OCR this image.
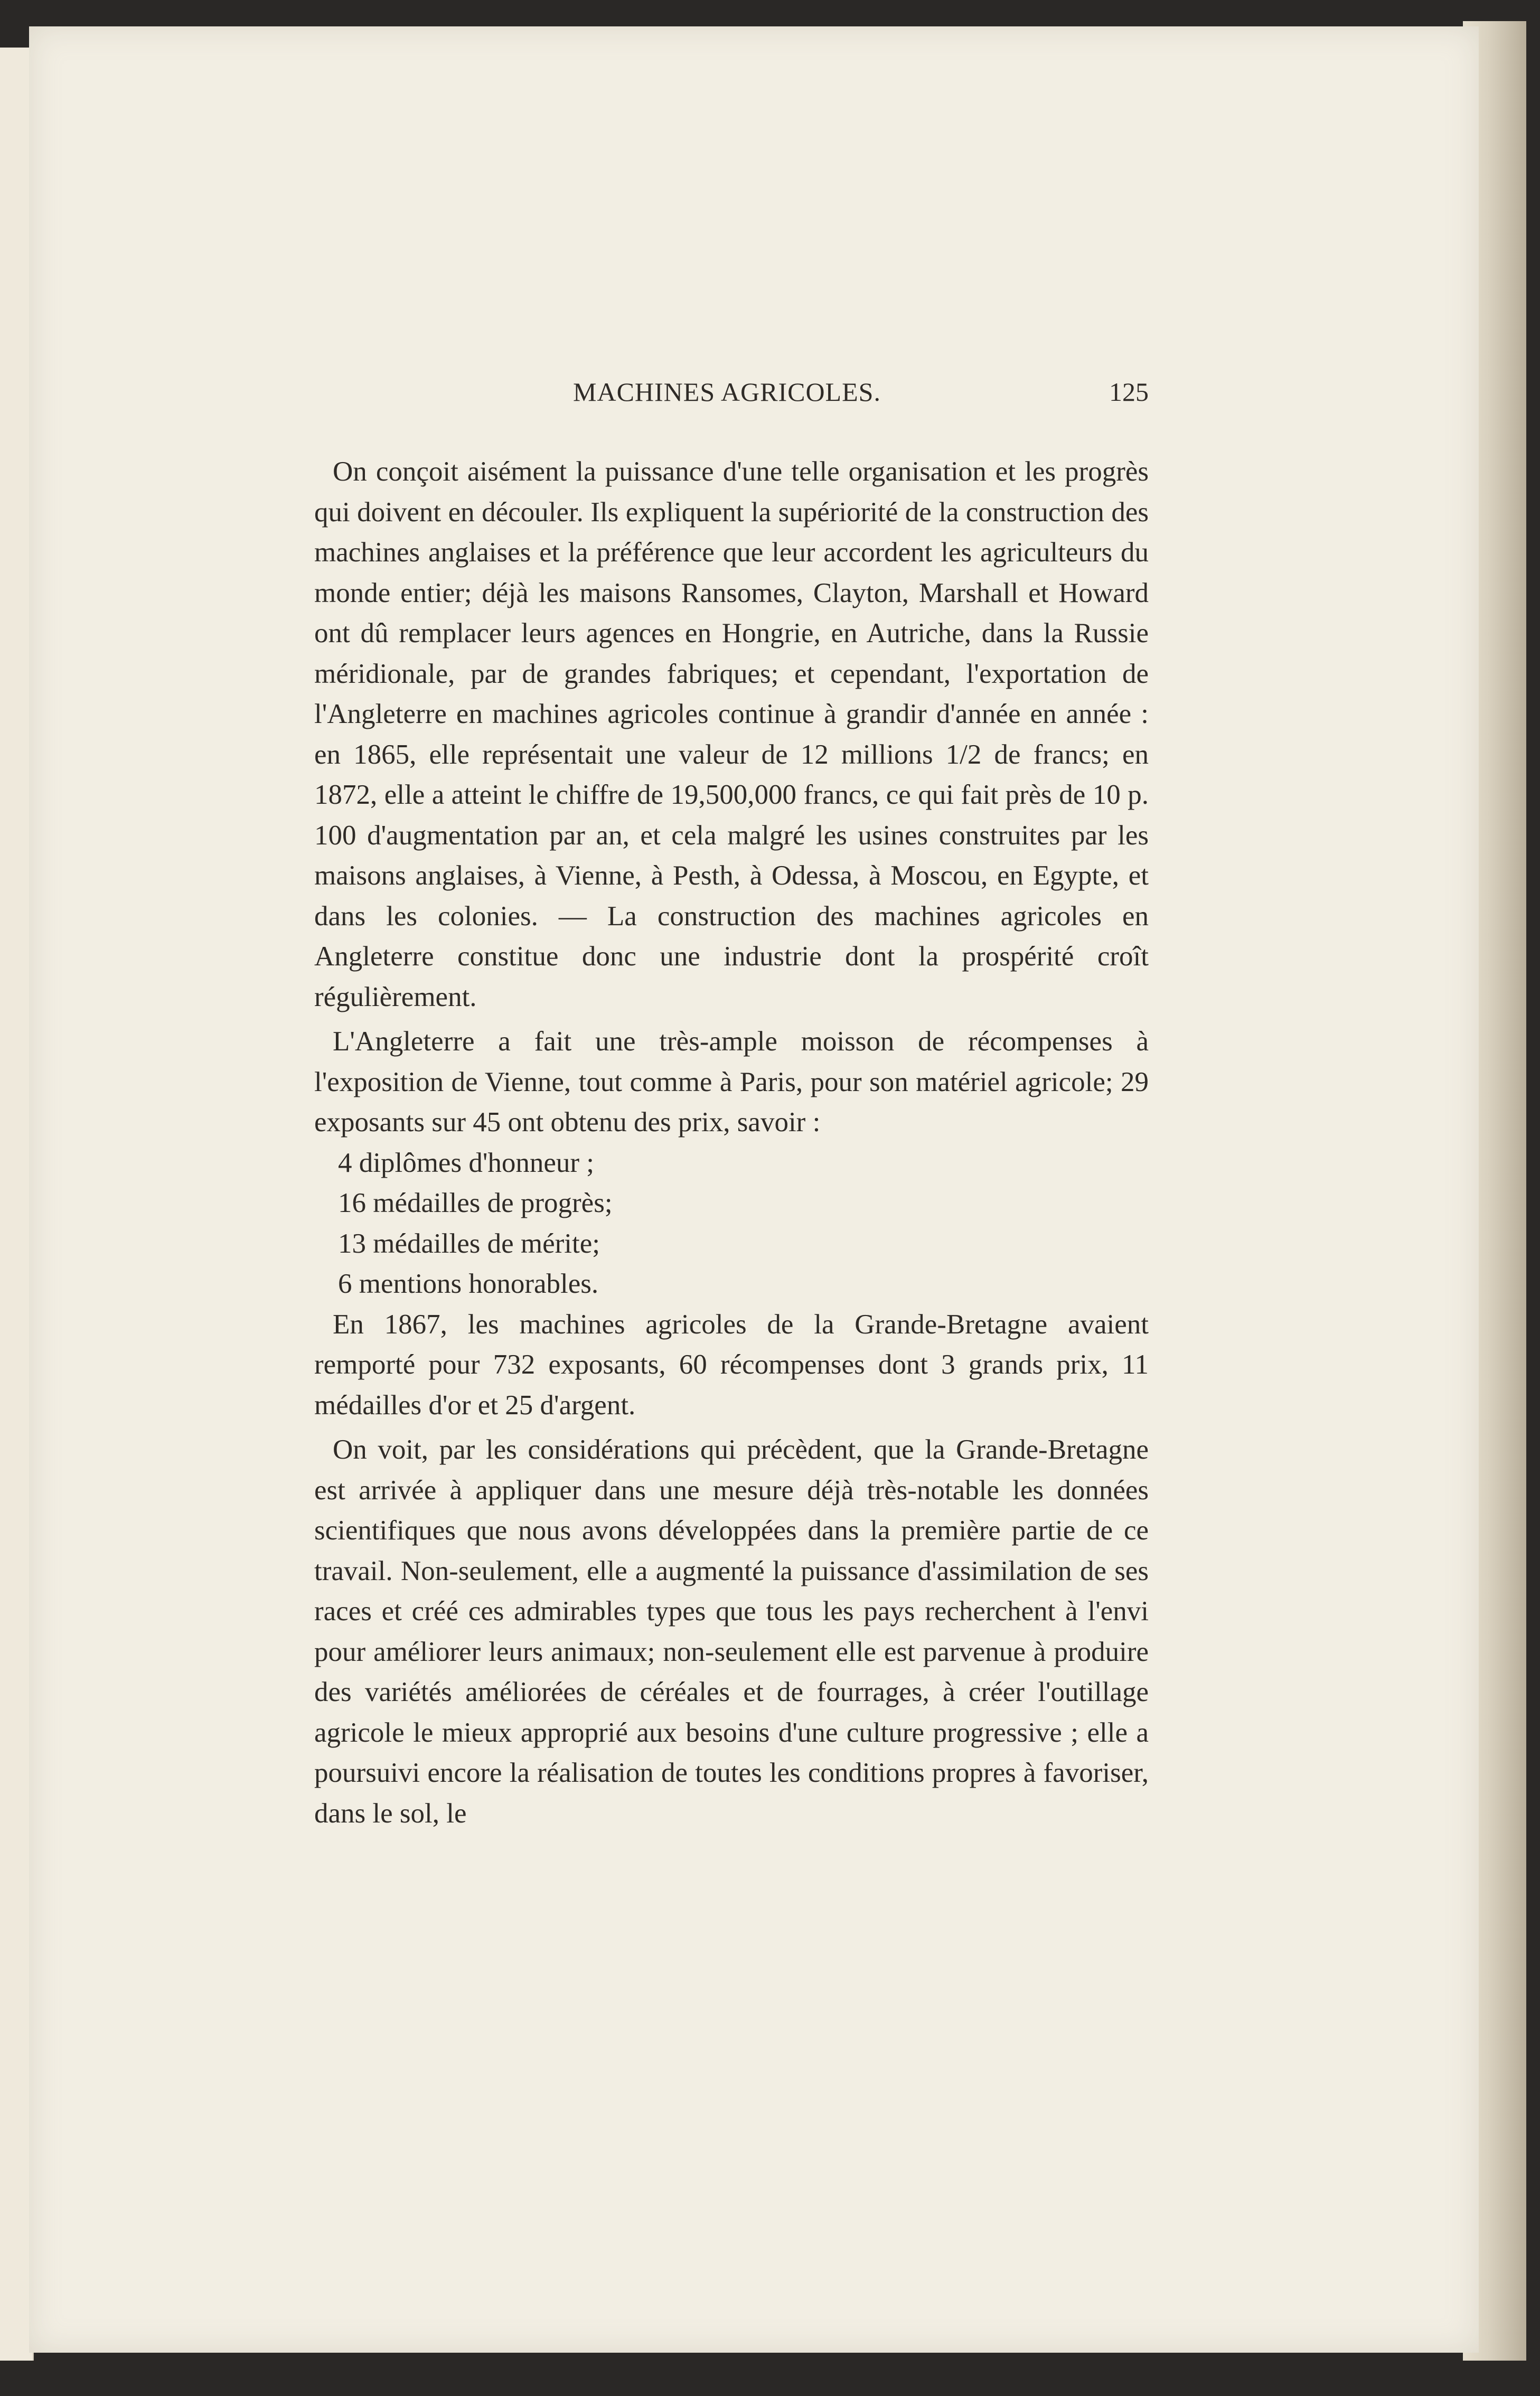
MACHINES AGRICOLES.	125

On conçoit aisément la puissance d'une telle organisation et les progrès qui doivent en découler. Ils expliquent la supériorité de la construction des machines anglaises et la préférence que leur accordent les agriculteurs du monde entier; déjà les maisons Ransomes, Clayton, Marshall et Howard ont dû remplacer leurs agences en Hongrie, en Autriche, dans la Russie méridionale, par de grandes fabriques; et cependant, l'exportation de l'Angleterre en machines agricoles continue à grandir d'année en année : en 1865, elle représentait une valeur de 12 millions 1/2 de francs; en 1872, elle a atteint le chiffre de 19,500,000 francs, ce qui fait près de 10 p. 100 d'augmentation par an, et cela malgré les usines construites par les maisons anglaises, à Vienne, à Pesth, à Odessa, à Moscou, en Egypte, et dans les colonies. — La construction des machines agricoles en Angleterre constitue donc une industrie dont la prospérité croît régulièrement.

L'Angleterre a fait une très-ample moisson de récompenses à l'exposition de Vienne, tout comme à Paris, pour son matériel agricole; 29 exposants sur 45 ont obtenu des prix, savoir :

4 diplômes d'honneur ;
16 médailles de progrès;
13 médailles de mérite;
6 mentions honorables.

En 1867, les machines agricoles de la Grande-Bretagne avaient remporté pour 732 exposants, 60 récompenses dont 3 grands prix, 11 médailles d'or et 25 d'argent.

On voit, par les considérations qui précèdent, que la Grande-Bretagne est arrivée à appliquer dans une mesure déjà très-notable les données scientifiques que nous avons développées dans la première partie de ce travail. Non-seulement, elle a augmenté la puissance d'assimilation de ses races et créé ces admirables types que tous les pays recherchent à l'envi pour améliorer leurs animaux; non-seulement elle est parvenue à produire des variétés améliorées de céréales et de fourrages, à créer l'outillage agricole le mieux approprié aux besoins d'une culture progressive ; elle a poursuivi encore la réalisation de toutes les conditions propres à favoriser, dans le sol, le
